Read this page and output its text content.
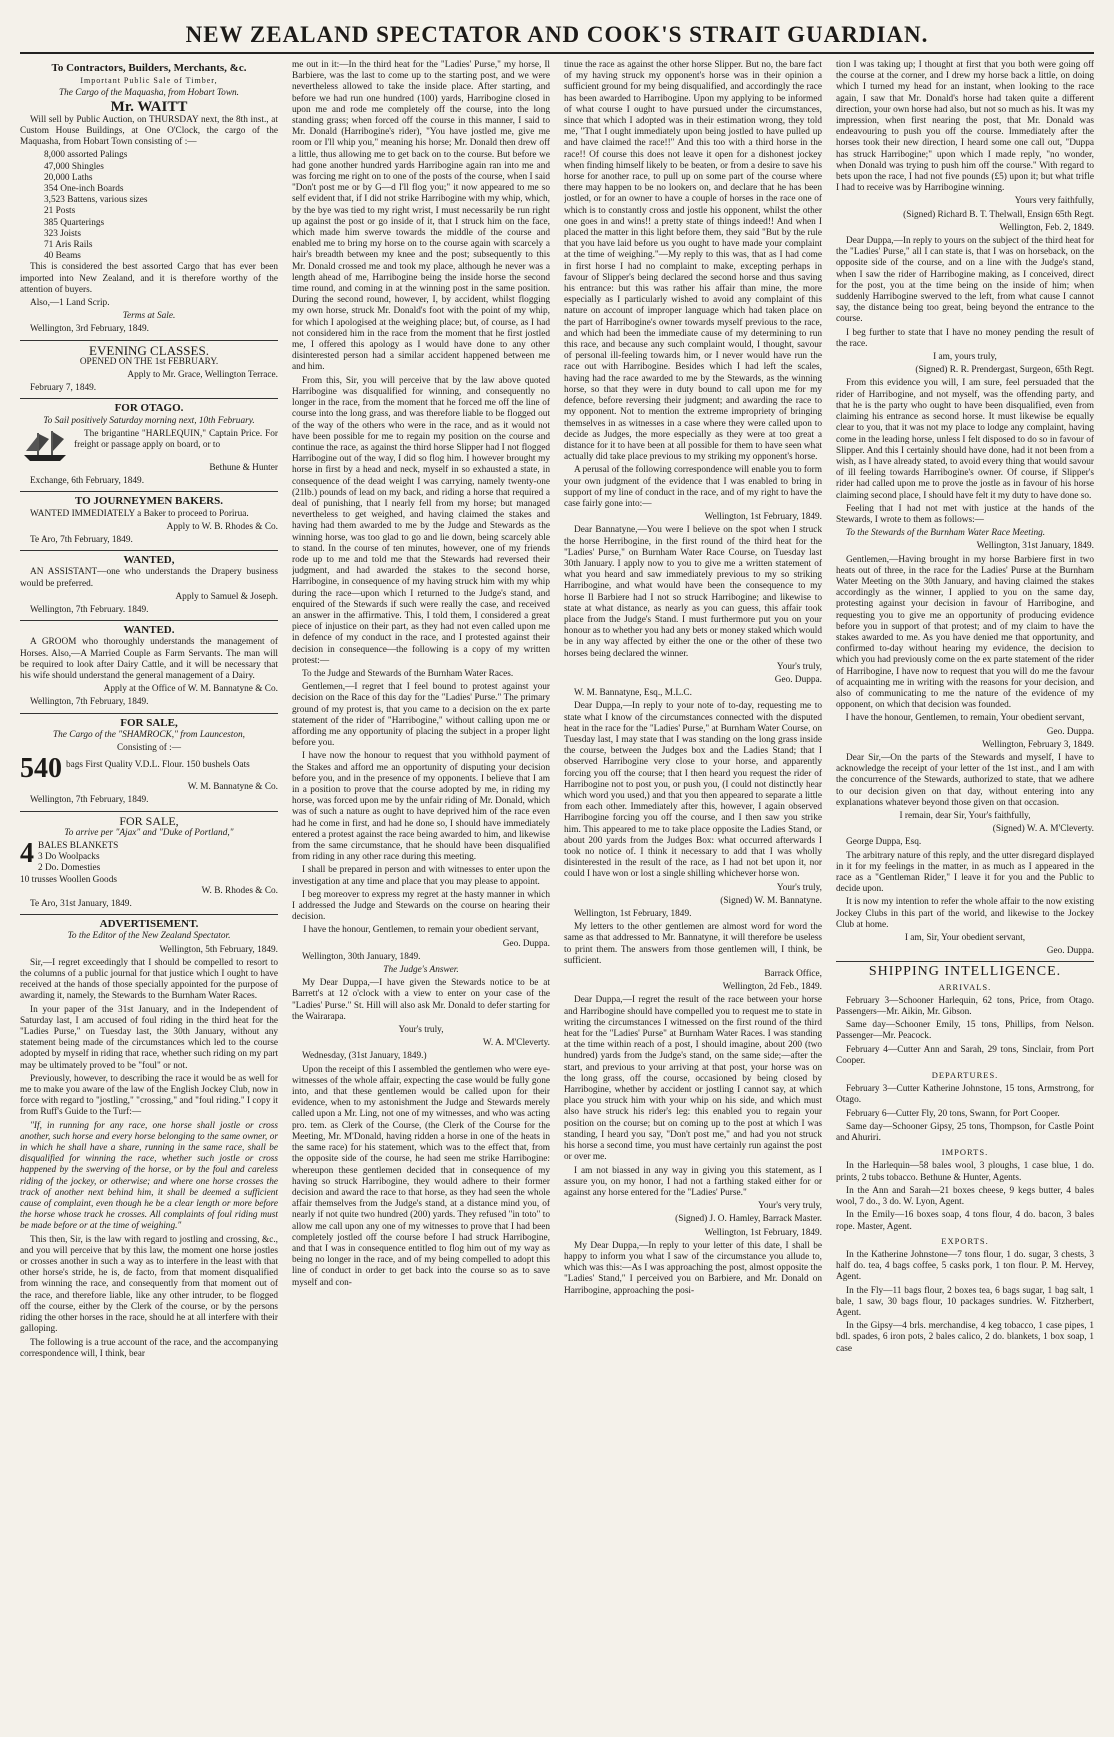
NEW ZEALAND SPECTATOR AND COOK'S STRAIT GUARDIAN.
To Contractors, Builders, Merchants, &c.

Important Public Sale of Timber,

The Cargo of the Maquasha, from Hobart Town.

Mr. WAITT

Will sell by Public Auction, on THURSDAY next, the 8th inst., at Custom House Buildings, at One O'Clock, the cargo of the Maquasha, from Hobart Town consisting of :—

8,000 assorted Palings
47,000 Shingles
20,000 Laths
354 One-inch Boards
3,523 Battens, various sizes
21 Posts
385 Quarterings
323 Joists
71 Aris Rails
40 Beams

This is considered the best assorted Cargo that has ever been imported into New Zealand, and it is therefore worthy of the attention of buyers.

Also,—1 Land Scrip.

Terms at Sale.

Wellington, 3rd February, 1849.

EVENING CLASSES.

OPENED ON THE 1st FEBRUARY.

Apply to Mr. Grace, Wellington Terrace.

February 7, 1849.

FOR OTAGO.

To Sail positively Saturday morning next, 10th February.

The brigantine "HARLEQUIN," Captain Price. For freight or passage apply on board, or to

Bethune & Hunter

Exchange, 6th February, 1849.

TO JOURNEYMEN BAKERS.

WANTED IMMEDIATELY a Baker to proceed to Porirua.

Apply to W. B. Rhodes & Co.

Te Aro, 7th February, 1849.

WANTED,

AN ASSISTANT—one who understands the Drapery business would be preferred.

Apply to Samuel & Joseph.

Wellington, 7th February. 1849.

WANTED.

A GROOM who thoroughly understands the management of Horses. Also,—A Married Couple as Farm Servants. The man will be required to look after Dairy Cattle, and it will be necessary that his wife should understand the general management of a Dairy.

Apply at the Office of W. M. Bannatyne & Co.

Wellington, 7th February, 1849.

FOR SALE,

The Cargo of the "SHAMROCK," from Launceston,

Consisting of :—

540 bags First Quality V.D.L. Flour. 150 bushels Oats

W. M. Bannatyne & Co.

Wellington, 7th February, 1849.

FOR SALE,

To arrive per "Ajax" and "Duke of Portland,"

4 BALES BLANKETS
3 Do Woolpacks
2 Do. Domesties
10 trusses Woollen Goods

W. B. Rhodes & Co.

Te Aro, 31st January, 1849.

ADVERTISEMENT.

To the Editor of the New Zealand Spectator.

Wellington, 5th February, 1849.

Sir,—I regret exceedingly that I should be compelled to resort to the columns of a public journal for that justice which I ought to have received at the hands of those specially appointed for the purpose of awarding it, namely, the Stewards to the Burnham Water Races.

In your paper of the 31st January, and in the Independent of Saturday last, I am accused of foul riding in the third heat for the "Ladies Purse," on Tuesday last, the 30th January, without any statement being made of the circumstances which led to the course adopted by myself in riding that race, whether such riding on my part may be ultimately proved to be "foul" or not.

Previously, however, to describing the race it would be as well for me to make you aware of the law of the English Jockey Club, now in force with regard to "jostling," "crossing," and "foul riding." I copy it from Ruff's Guide to the Turf:—

"If, in running for any race, one horse shall jostle or cross another, such horse and every horse belonging to the same owner, or in which he shall have a share, running in the same race, shall be disqualified for winning the race, whether such jostle or cross happened by the swerving of the horse, or by the foul and careless riding of the jockey, or otherwise; and where one horse crosses the track of another next behind him, it shall be deemed a sufficient cause of complaint, even though he be a clear length or more before the horse whose track he crosses. All complaints of foul riding must be made before or at the time of weighing."

This then, Sir, is the law with regard to jostling and crossing, &c., and you will perceive that by this law, the moment one horse jostles or crosses another in such a way as to interfere in the least with that other horse's stride, he is, de facto, from that moment disqualified from winning the race, and consequently from that moment out of the race, and therefore liable, like any other intruder, to be flogged off the course, either by the Clerk of the course, or by the persons riding the other horses in the race, should he at all interfere with their galloping.

The following is a true account of the race, and the accompanying correspondence will, I think, bear

me out in it:—In the third heat for the "Ladies' Purse," my horse, Il Barbiere, was the last to come up to the starting post, and we were nevertheless allowed to take the inside place. After starting, and before we had run one hundred (100) yards, Harribogine closed in upon me and rode me completely off the course, into the long standing grass; when forced off the course in this manner, I said to Mr. Donald (Harribogine's rider), "You have jostled me, give me room or I'll whip you," meaning his horse; Mr. Donald then drew off a little, thus allowing me to get back on to the course. But before we had gone another hundred yards Harribogine again ran into me and was forcing me right on to one of the posts of the course, when I said "Don't post me or by G—d I'll flog you;" it now appeared to me so self evident that, if I did not strike Harribogine with my whip, which, by the bye was tied to my right wrist, I must necessarily be run right up against the post or go inside of it, that I struck him on the face, which made him swerve towards the middle of the course and enabled me to bring my horse on to the course again with scarcely a hair's breadth between my knee and the post; subsequently to this Mr. Donald crossed me and took my place, although he never was a length ahead of me, Harribogine being the inside horse the second time round, and coming in at the winning post in the same position. During the second round, however, I, by accident, whilst flogging my own horse, struck Mr. Donald's foot with the point of my whip, for which I apologised at the weighing place; but, of course, as I had not considered him in the race from the moment that he first jostled me, I offered this apology as I would have done to any other disinterested person had a similar accident happened between me and him.

From this, Sir, you will perceive that by the law above quoted Harribogine was disqualified for winning, and consequently no longer in the race, from the moment that he forced me off the line of course into the long grass, and was therefore liable to be flogged out of the way of the others who were in the race, and as it would not have been possible for me to regain my position on the course and continue the race, as against the third horse Slipper had I not flogged Harribogine out of the way, I did so flog him. I however brought my horse in first by a head and neck, myself in so exhausted a state, in consequence of the dead weight I was carrying, namely twenty-one (21lb.) pounds of lead on my back, and riding a horse that required a deal of punishing, that I nearly fell from my horse; but managed nevertheless to get weighed, and having claimed the stakes and having had them awarded to me by the Judge and Stewards as the winning horse, was too glad to go and lie down, being scarcely able to stand. In the course of ten minutes, however, one of my friends rode up to me and told me that the Stewards had reversed their judgment, and had awarded the stakes to the second horse, Harribogine, in consequence of my having struck him with my whip during the race—upon which I returned to the Judge's stand, and enquired of the Stewards if such were really the case, and received an answer in the affirmative. This, I told them, I considered a great piece of injustice on their part, as they had not even called upon me in defence of my conduct in the race, and I protested against their decision in consequence—the following is a copy of my written protest:—

To the Judge and Stewards of the Burnham Water Races.

Gentlemen,—I regret that I feel bound to protest against your decision on the Race of this day for the "Ladies' Purse." The primary ground of my protest is, that you came to a decision on the ex parte statement of the rider of "Harribogine," without calling upon me or affording me any opportunity of placing the subject in a proper light before you.

I have now the honour to request that you withhold payment of the Stakes and afford me an opportunity of disputing your decision before you, and in the presence of my opponents. I believe that I am in a position to prove that the course adopted by me, in riding my horse, was forced upon me by the unfair riding of Mr. Donald, which was of such a nature as ought to have deprived him of the race even had he come in first, and had he done so, I should have immediately entered a protest against the race being awarded to him, and likewise from the same circumstance, that he should have been disqualified from riding in any other race during this meeting.

I shall be prepared in person and with witnesses to enter upon the investigation at any time and place that you may please to appoint.

I beg moreover to express my regret at the hasty manner in which I addressed the Judge and Stewards on the course on hearing their decision.

I have the honour, Gentlemen, to remain your obedient servant,

Geo. Duppa.

Wellington, 30th January, 1849.

The Judge's Answer.

My Dear Duppa,—I have given the Stewards notice to be at Barrett's at 12 o'clock with a view to enter on your case of the "Ladies' Purse." St. Hill will also ask Mr. Donald to defer starting for the Wairarapa.

Your's truly,

W. A. M'Cleverty.

Wednesday, (31st January, 1849.)

Upon the receipt of this I assembled the gentlemen who were eye-witnesses of the whole affair, expecting the case would be fully gone into, and that these gentlemen would be called upon for their evidence, when to my astonishment the Judge and Stewards merely called upon a Mr. Ling, not one of my witnesses, and who was acting pro. tem. as Clerk of the Course, (the Clerk of the Course for the Meeting, Mr. M'Donald, having ridden a horse in one of the heats in the same race) for his statement, which was to the effect that, from the opposite side of the course, he had seen me strike Harribogine: whereupon these gentlemen decided that in consequence of my having so struck Harribogine, they would adhere to their former decision and award the race to that horse, as they had seen the whole affair themselves from the Judge's stand, at a distance mind you, of nearly if not quite two hundred (200) yards. They refused "in toto" to allow me call upon any one of my witnesses to prove that I had been completely jostled off the course before I had struck Harribogine, and that I was in consequence entitled to flog him out of my way as being no longer in the race, and of my being compelled to adopt this line of conduct in order to get back into the course so as to save myself and con-

tinue the race as against the other horse Slipper. But no, the bare fact of my having struck my opponent's horse was in their opinion a sufficient ground for my being disqualified, and accordingly the race has been awarded to Harribogine. Upon my applying to be informed of what course I ought to have pursued under the circumstances, since that which I adopted was in their estimation wrong, they told me, "That I ought immediately upon being jostled to have pulled up and have claimed the race!!" And this too with a third horse in the race!! Of course this does not leave it open for a dishonest jockey when finding himself likely to be beaten, or from a desire to save his horse for another race, to pull up on some part of the course where there may happen to be no lookers on, and declare that he has been jostled, or for an owner to have a couple of horses in the race one of which is to constantly cross and jostle his opponent, whilst the other one goes in and wins!! a pretty state of things indeed!! And when I placed the matter in this light before them, they said "But by the rule that you have laid before us you ought to have made your complaint at the time of weighing."—My reply to this was, that as I had come in first horse I had no complaint to make, excepting perhaps in favour of Slipper's being declared the second horse and thus saving his entrance: but this was rather his affair than mine, the more especially as I particularly wished to avoid any complaint of this nature on account of improper language which had taken place on the part of Harribogine's owner towards myself previous to the race, and which had been the immediate cause of my determining to run this race, and because any such complaint would, I thought, savour of personal ill-feeling towards him, or I never would have run the race out with Harribogine. Besides which I had left the scales, having had the race awarded to me by the Stewards, as the winning horse, so that they were in duty bound to call upon me for my defence, before reversing their judgment; and awarding the race to my opponent. Not to mention the extreme impropriety of bringing themselves in as witnesses in a case where they were called upon to decide as Judges, the more especially as they were at too great a distance for it to have been at all possible for them to have seen what actually did take place previous to my striking my opponent's horse.

A perusal of the following correspondence will enable you to form your own judgment of the evidence that I was enabled to bring in support of my line of conduct in the race, and of my right to have the case fairly gone into:—

Wellington, 1st February, 1849.

Dear Bannatyne,—You were I believe on the spot when I struck the horse Herribogine, in the first round of the third heat for the "Ladies' Purse," on Burnham Water Race Course, on Tuesday last 30th January. I apply now to you to give me a written statement of what you heard and saw immediately previous to my so striking Harribogine, and what would have been the consequence to my horse Il Barbiere had I not so struck Harribogine; and likewise to state at what distance, as nearly as you can guess, this affair took place from the Judge's Stand. I must furthermore put you on your honour as to whether you had any bets or money staked which would be in any way affected by either the one or the other of these two horses being declared the winner.

Your's truly,

Geo. Duppa.

W. M. Bannatyne, Esq., M.L.C.

Dear Duppa,—In reply to your note of to-day, requesting me to state what I know of the circumstances connected with the disputed heat in the race for the "Ladies' Purse," at Burnham Water Course, on Tuesday last, I may state that I was standing on the long grass inside the course, between the Judges box and the Ladies Stand; that I observed Harribogine very close to your horse, and apparently forcing you off the course; that I then heard you request the rider of Harribogine not to post you, or push you, (I could not distinctly hear which word you used,) and that you then appeared to separate a little from each other. Immediately after this, however, I again observed Harribogine forcing you off the course, and I then saw you strike him. This appeared to me to take place opposite the Ladies Stand, or about 200 yards from the Judges Box: what occurred afterwards I took no notice of. I think it necessary to add that I was wholly disinterested in the result of the race, as I had not bet upon it, nor could I have won or lost a single shilling whichever horse won.

Your's truly,

(Signed) W. M. Bannatyne.

Wellington, 1st February, 1849.

My letters to the other gentlemen are almost word for word the same as that addressed to Mr. Bannatyne, it will therefore be useless to print them. The answers from those gentlemen will, I think, be sufficient.

Barrack Office,

Wellington, 2d Feb., 1849.

Dear Duppa,—I regret the result of the race between your horse and Harribogine should have compelled you to request me to state in writing the circumstances I witnessed on the first round of the third heat for the "Ladies' Purse" at Burnham Water Races. I was standing at the time within reach of a post, I should imagine, about 200 (two hundred) yards from the Judge's stand, on the same side;—after the start, and previous to your arriving at that post, your horse was on the long grass, off the course, occasioned by being closed by Harribogine, whether by accident or jostling I cannot say, at which place you struck him with your whip on his side, and which must also have struck his rider's leg: this enabled you to regain your position on the course; but on coming up to the post at which I was standing, I heard you say, "Don't post me," and had you not struck his horse a second time, you must have certainly run against the post or over me.

I am not biassed in any way in giving you this statement, as I assure you, on my honor, I had not a farthing staked either for or against any horse entered for the "Ladies' Purse."

Your's very truly,

(Signed) J. O. Hamley, Barrack Master.

Wellington, 1st February, 1849.

My Dear Duppa,—In reply to your letter of this date, I shall be happy to inform you what I saw of the circumstance you allude to, which was this:—As I was approaching the post, almost opposite the "Ladies' Stand," I perceived you on Barbiere, and Mr. Donald on Harribogine, approaching the posi-

tion I was taking up; I thought at first that you both were going off the course at the corner, and I drew my horse back a little, on doing which I turned my head for an instant, when looking to the race again, I saw that Mr. Donald's horse had taken quite a different direction, your own horse had also, but not so much as his. It was my impression, when first nearing the post, that Mr. Donald was endeavouring to push you off the course. Immediately after the horses took their new direction, I heard some one call out, "Duppa has struck Harribogine;" upon which I made reply, "no wonder, when Donald was trying to push him off the course." With regard to bets upon the race, I had not five pounds (£5) upon it; but what trifle I had to receive was by Harribogine winning.

Yours very faithfully,

(Signed) Richard B. T. Thelwall, Ensign 65th Regt.

Wellington, Feb. 2, 1849.

Dear Duppa,—In reply to yours on the subject of the third heat for the "Ladies' Purse," all I can state is, that I was on horseback, on the opposite side of the course, and on a line with the Judge's stand, when I saw the rider of Harribogine making, as I conceived, direct for the post, you at the time being on the inside of him; when suddenly Harribogine swerved to the left, from what cause I cannot say, the distance being too great, being beyond the entrance to the course.

I beg further to state that I have no money pending the result of the race.

I am, yours truly,

(Signed) R. R. Prendergast, Surgeon, 65th Regt.

From this evidence you will, I am sure, feel persuaded that the rider of Harribogine, and not myself, was the offending party, and that he is the party who ought to have been disqualified, even from claiming his entrance as second horse. It must likewise be equally clear to you, that it was not my place to lodge any complaint, having come in the leading horse, unless I felt disposed to do so in favour of Slipper. And this I certainly should have done, had it not been from a wish, as I have already stated, to avoid every thing that would savour of ill feeling towards Harribogine's owner. Of course, if Slipper's rider had called upon me to prove the jostle as in favour of his horse claiming second place, I should have felt it my duty to have done so.

Feeling that I had not met with justice at the hands of the Stewards, I wrote to them as follows:—

To the Stewards of the Burnham Water Race Meeting.

Wellington, 31st January, 1849.

Gentlemen,—Having brought in my horse Barbiere first in two heats out of three, in the race for the Ladies' Purse at the Burnham Water Meeting on the 30th January, and having claimed the stakes accordingly as the winner, I applied to you on the same day, protesting against your decision in favour of Harribogine, and requesting you to give me an opportunity of producing evidence before you in support of that protest; and of my claim to have the stakes awarded to me. As you have denied me that opportunity, and confirmed to-day without hearing my evidence, the decision to which you had previously come on the ex parte statement of the rider of Harribogine, I have now to request that you will do me the favour of acquainting me in writing with the reasons for your decision, and also of communicating to me the nature of the evidence of my opponent, on which that decision was founded.

I have the honour, Gentlemen, to remain, Your obedient servant,

Geo. Duppa.

Wellington, February 3, 1849.

Dear Sir,—On the parts of the Stewards and myself, I have to acknowledge the receipt of your letter of the 1st inst., and I am with the concurrence of the Stewards, authorized to state, that we adhere to our decision given on that day, without entering into any explanations whatever beyond those given on that occasion.

I remain, dear Sir, Your's faithfully,

(Signed) W. A. M'Cleverty.

George Duppa, Esq.

The arbitrary nature of this reply, and the utter disregard displayed in it for my feelings in the matter, in as much as I appeared in the race as a "Gentleman Rider," I leave it for you and the Public to decide upon.

It is now my intention to refer the whole affair to the now existing Jockey Clubs in this part of the world, and likewise to the Jockey Club at home.

I am, Sir, Your obedient servant,

Geo. Duppa.

SHIPPING INTELLIGENCE.
ARRIVALS.

February 3—Schooner Harlequin, 62 tons, Price, from Otago. Passengers—Mr. Aikin, Mr. Gibson.

Same day—Schooner Emily, 15 tons, Phillips, from Nelson. Passenger—Mr. Peacock.

February 4—Cutter Ann and Sarah, 29 tons, Sinclair, from Port Cooper.

DEPARTURES.

February 3—Cutter Katherine Johnstone, 15 tons, Armstrong, for Otago.

February 6—Cutter Fly, 20 tons, Swann, for Port Cooper.

Same day—Schooner Gipsy, 25 tons, Thompson, for Castle Point and Ahuriri.

IMPORTS.

In the Harlequin—58 bales wool, 3 ploughs, 1 case blue, 1 do. prints, 2 tubs tobacco. Bethune & Hunter, Agents.

In the Ann and Sarah—21 boxes cheese, 9 kegs butter, 4 bales wool, 7 do., 3 do. W. Lyon, Agent.

In the Emily—16 boxes soap, 4 tons flour, 4 do. bacon, 3 bales rope. Master, Agent.

EXPORTS.

In the Katherine Johnstone—7 tons flour, 1 do. sugar, 3 chests, 3 half do. tea, 4 bags coffee, 5 casks pork, 1 ton flour. P. M. Hervey, Agent.

In the Fly—11 bags flour, 2 boxes tea, 6 bags sugar, 1 bag salt, 1 bale, 1 saw, 30 bags flour, 10 packages sundries. W. Fitzherbert, Agent.

In the Gipsy—4 brls. merchandise, 4 keg tobacco, 1 case pipes, 1 bdl. spades, 6 iron pots, 2 bales calico, 2 do. blankets, 1 box soap, 1 case
